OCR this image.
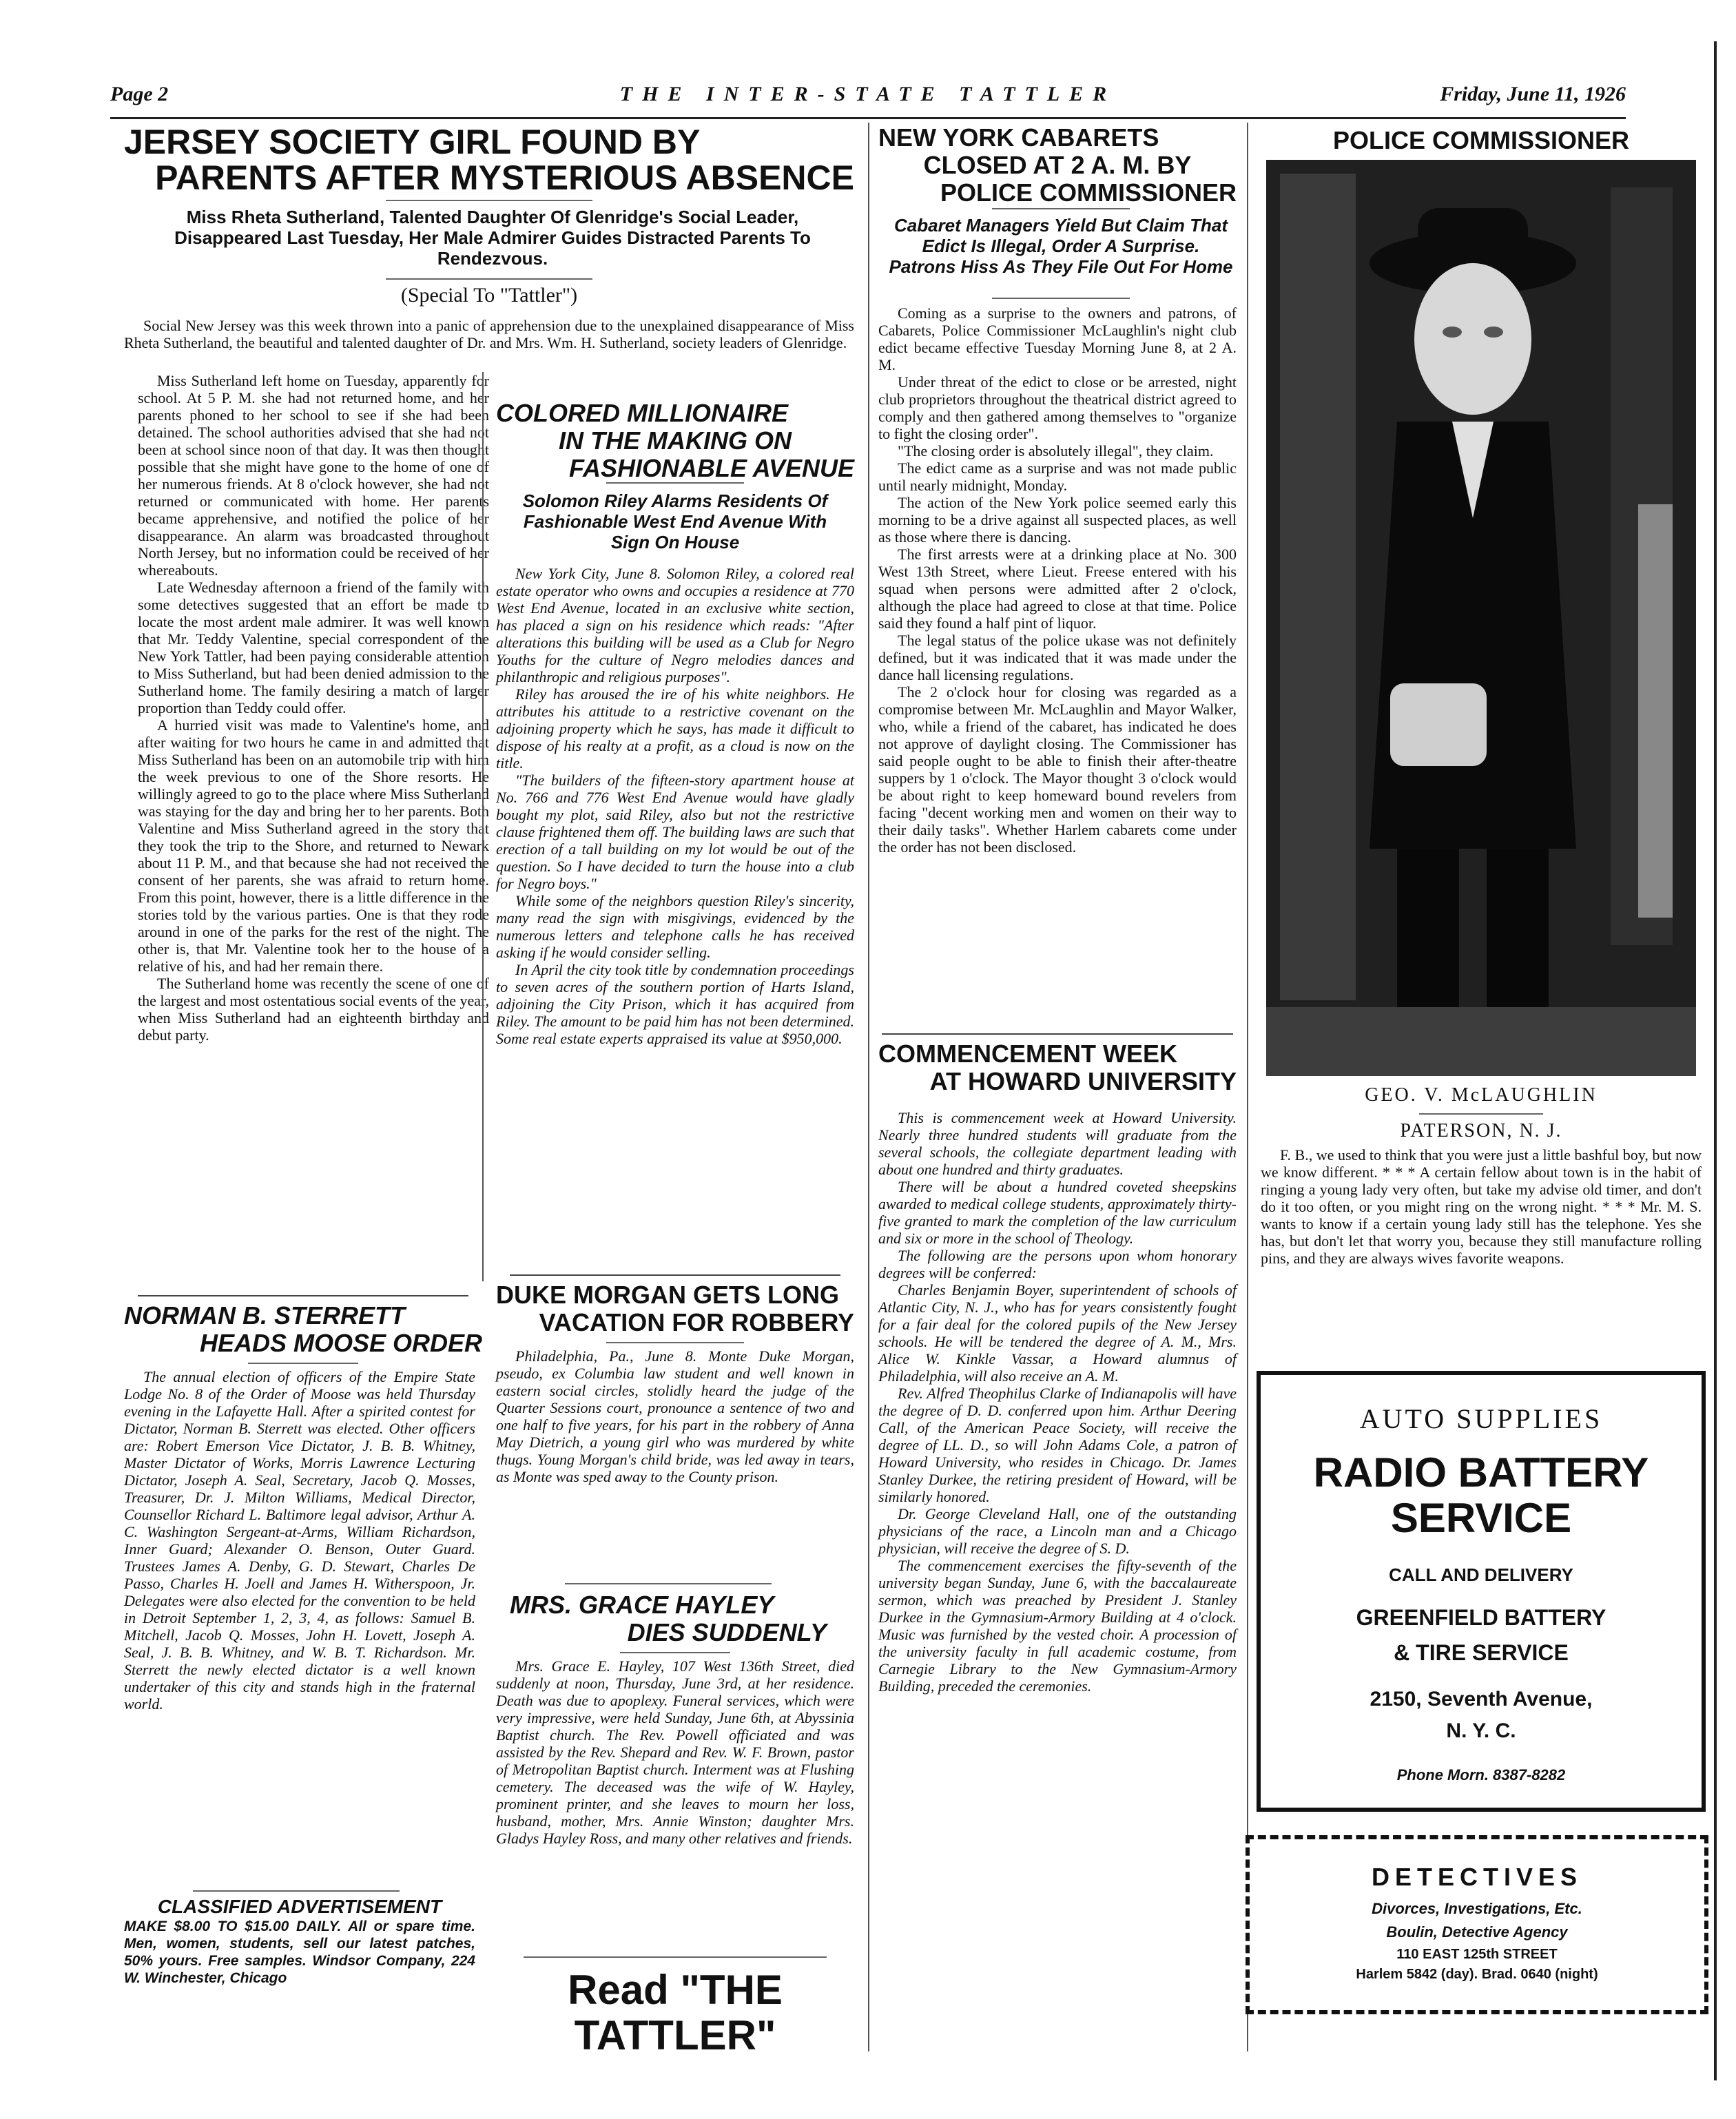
Page 2	THE INTER-STATE TATTLER	Friday, June 11, 1926

JERSEY SOCIETY GIRL FOUND BY

PARENTS AFTER MYSTERIOUS ABSENCE

Miss Rheta Sutherland, Talented Daughter Of Glenridge's Social Leader, Disappeared Last Tuesday, Her Male Admirer Guides Distracted Parents To Rendezvous.

(Special To "Tattler")

Social New Jersey was this week thrown into a panic of apprehension due to the unexplained disappearance of Miss Rheta Sutherland, the beautiful and talented daughter of Dr. and Mrs. Wm. H. Sutherland, society leaders of Glenridge.

Miss Sutherland left home on Tuesday, apparently for school. At 5 P. M. she had not returned home, and her parents phoned to her school to see if she had been detained. The school authorities advised that she had not been at school since noon of that day. It was then thought possible that she might have gone to the home of one of her numerous friends. At 8 o'clock however, she had not returned or communicated with home. Her parents became apprehensive, and notified the police of her disappearance. An alarm was broadcasted throughout North Jersey, but no information could be received of her whereabouts.

Late Wednesday afternoon a friend of the family with some detectives suggested that an effort be made to locate the most ardent male admirer. It was well known that Mr. Teddy Valentine, special correspondent of the New York Tattler, had been paying considerable attention to Miss Sutherland, but had been denied admission to the Sutherland home. The family desiring a match of larger proportion than Teddy could offer.

A hurried visit was made to Valentine's home, and after waiting for two hours he came in and admitted that Miss Sutherland has been on an automobile trip with him the week previous to one of the Shore resorts. He willingly agreed to go to the place where Miss Sutherland was staying for the day and bring her to her parents. Both Valentine and Miss Sutherland agreed in the story that they took the trip to the Shore, and returned to Newark about 11 P. M., and that because she had not received the consent of her parents, she was afraid to return home. From this point, however, there is a little difference in the stories told by the various parties. One is that they rode around in one of the parks for the rest of the night. The other is, that Mr. Valentine took her to the house of a relative of his, and had her remain there.

The Sutherland home was recently the scene of one of the largest and most ostentatious social events of the year, when Miss Sutherland had an eighteenth birthday and debut party.

COLORED MILLIONAIRE

IN THE MAKING ON

FASHIONABLE AVENUE

Solomon Riley Alarms Residents Of Fashionable West End Avenue With Sign On House

New York City, June 8. Solomon Riley, a colored real estate operator who owns and occupies a residence at 770 West End Avenue, located in an exclusive white section, has placed a sign on his residence which reads: "After alterations this building will be used as a Club for Negro Youths for the culture of Negro melodies dances and philanthropic and religious purposes".

Riley has aroused the ire of his white neighbors. He attributes his attitude to a restrictive covenant on the adjoining property which he says, has made it difficult to dispose of his realty at a profit, as a cloud is now on the title.

"The builders of the fifteen-story apartment house at No. 766 and 776 West End Avenue would have gladly bought my plot, said Riley, also but not the restrictive clause frightened them off. The building laws are such that erection of a tall building on my lot would be out of the question. So I have decided to turn the house into a club for Negro boys."

While some of the neighbors question Riley's sincerity, many read the sign with misgivings, evidenced by the numerous letters and telephone calls he has received asking if he would consider selling.

In April the city took title by condemnation proceedings to seven acres of the southern portion of Harts Island, adjoining the City Prison, which it has acquired from Riley. The amount to be paid him has not been determined. Some real estate experts appraised its value at $950,000.

NORMAN B. STERRETT

HEADS MOOSE ORDER

The annual election of officers of the Empire State Lodge No. 8 of the Order of Moose was held Thursday evening in the Lafayette Hall. After a spirited contest for Dictator, Norman B. Sterrett was elected. Other officers are: Robert Emerson Vice Dictator, J. B. B. Whitney, Master Dictator of Works, Morris Lawrence Lecturing Dictator, Joseph A. Seal, Secretary, Jacob Q. Mosses, Treasurer, Dr. J. Milton Williams, Medical Director, Counsellor Richard L. Baltimore legal advisor, Arthur A. C. Washington Sergeant-at-Arms, William Richardson, Inner Guard; Alexander O. Benson, Outer Guard. Trustees James A. Denby, G. D. Stewart, Charles De Passo, Charles H. Joell and James H. Witherspoon, Jr. Delegates were also elected for the convention to be held in Detroit September 1, 2, 3, 4, as follows: Samuel B. Mitchell, Jacob Q. Mosses, John H. Lovett, Joseph A. Seal, J. B. B. Whitney, and W. B. T. Richardson. Mr. Sterrett the newly elected dictator is a well known undertaker of this city and stands high in the fraternal world.

CLASSIFIED ADVERTISEMENT

MAKE $8.00 TO $15.00 DAILY. All or spare time. Men, women, students, sell our latest patches, 50% yours. Free samples. Windsor Company, 224 W. Winchester, Chicago

DUKE MORGAN GETS LONG

VACATION FOR ROBBERY

Philadelphia, Pa., June 8. Monte Duke Morgan, pseudo, ex Columbia law student and well known in eastern social circles, stolidly heard the judge of the Quarter Sessions court, pronounce a sentence of two and one half to five years, for his part in the robbery of Anna May Dietrich, a young girl who was murdered by white thugs. Young Morgan's child bride, was led away in tears, as Monte was sped away to the County prison.

MRS. GRACE HAYLEY

DIES SUDDENLY

Mrs. Grace E. Hayley, 107 West 136th Street, died suddenly at noon, Thursday, June 3rd, at her residence. Death was due to apoplexy. Funeral services, which were very impressive, were held Sunday, June 6th, at Abyssinia Baptist church. The Rev. Powell officiated and was assisted by the Rev. Shepard and Rev. W. F. Brown, pastor of Metropolitan Baptist church. Interment was at Flushing cemetery. The deceased was the wife of W. Hayley, prominent printer, and she leaves to mourn her loss, husband, mother, Mrs. Annie Winston; daughter Mrs. Gladys Hayley Ross, and many other relatives and friends.

Read "THE TATTLER"

NEW YORK CABARETS

CLOSED AT 2 A. M. BY

POLICE COMMISSIONER

Cabaret Managers Yield But Claim That Edict Is Illegal, Order A Surprise. Patrons Hiss As They File Out For Home

Coming as a surprise to the owners and patrons, of Cabarets, Police Commissioner McLaughlin's night club edict became effective Tuesday Morning June 8, at 2 A. M.

Under threat of the edict to close or be arrested, night club proprietors throughout the theatrical district agreed to comply and then gathered among themselves to "organize to fight the closing order".

"The closing order is absolutely illegal", they claim.

The edict came as a surprise and was not made public until nearly midnight, Monday.

The action of the New York police seemed early this morning to be a drive against all suspected places, as well as those where there is dancing.

The first arrests were at a drinking place at No. 300 West 13th Street, where Lieut. Freese entered with his squad when persons were admitted after 2 o'clock, although the place had agreed to close at that time. Police said they found a half pint of liquor.

The legal status of the police ukase was not definitely defined, but it was indicated that it was made under the dance hall licensing regulations.

The 2 o'clock hour for closing was regarded as a compromise between Mr. McLaughlin and Mayor Walker, who, while a friend of the cabaret, has indicated he does not approve of daylight closing. The Commissioner has said people ought to be able to finish their after-theatre suppers by 1 o'clock. The Mayor thought 3 o'clock would be about right to keep homeward bound revelers from facing "decent working men and women on their way to their daily tasks". Whether Harlem cabarets come under the order has not been disclosed.

COMMENCEMENT WEEK

AT HOWARD UNIVERSITY

This is commencement week at Howard University. Nearly three hundred students will graduate from the several schools, the collegiate department leading with about one hundred and thirty graduates.

There will be about a hundred coveted sheepskins awarded to medical college students, approximately thirty-five granted to mark the completion of the law curriculum and six or more in the school of Theology.

The following are the persons upon whom honorary degrees will be conferred:

Charles Benjamin Boyer, superintendent of schools of Atlantic City, N. J., who has for years consistently fought for a fair deal for the colored pupils of the New Jersey schools. He will be tendered the degree of A. M., Mrs. Alice W. Kinkle Vassar, a Howard alumnus of Philadelphia, will also receive an A. M.

Rev. Alfred Theophilus Clarke of Indianapolis will have the degree of D. D. conferred upon him. Arthur Deering Call, of the American Peace Society, will receive the degree of LL. D., so will John Adams Cole, a patron of Howard University, who resides in Chicago. Dr. James Stanley Durkee, the retiring president of Howard, will be similarly honored.

Dr. George Cleveland Hall, one of the outstanding physicians of the race, a Lincoln man and a Chicago physician, will receive the degree of S. D.

The commencement exercises the fifty-seventh of the university began Sunday, June 6, with the baccalaureate sermon, which was preached by President J. Stanley Durkee in the Gymnasium-Armory Building at 4 o'clock. Music was furnished by the vested choir. A procession of the university faculty in full academic costume, from Carnegie Library to the New Gymnasium-Armory Building, preceded the ceremonies.

POLICE COMMISSIONER
GEO. V. McLAUGHLIN
PATERSON, N. J.

F. B., we used to think that you were just a little bashful boy, but now we know different. * * * A certain fellow about town is in the habit of ringing a young lady very often, but take my advise old timer, and don't do it too often, or you might ring on the wrong night. * * * Mr. M. S. wants to know if a certain young lady still has the telephone. Yes she has, but don't let that worry you, because they still manufacture rolling pins, and they are always wives favorite weapons.

AUTO SUPPLIES

RADIO BATTERY

SERVICE

CALL AND DELIVERY

GREENFIELD BATTERY

& TIRE SERVICE

2150, Seventh Avenue,

N. Y. C.

Phone Morn. 8387-8282

DETECTIVES

Divorces, Investigations, Etc.

Boulin, Detective Agency

110 EAST 125th STREET

Harlem 5842 (day). Brad. 0640 (night)
